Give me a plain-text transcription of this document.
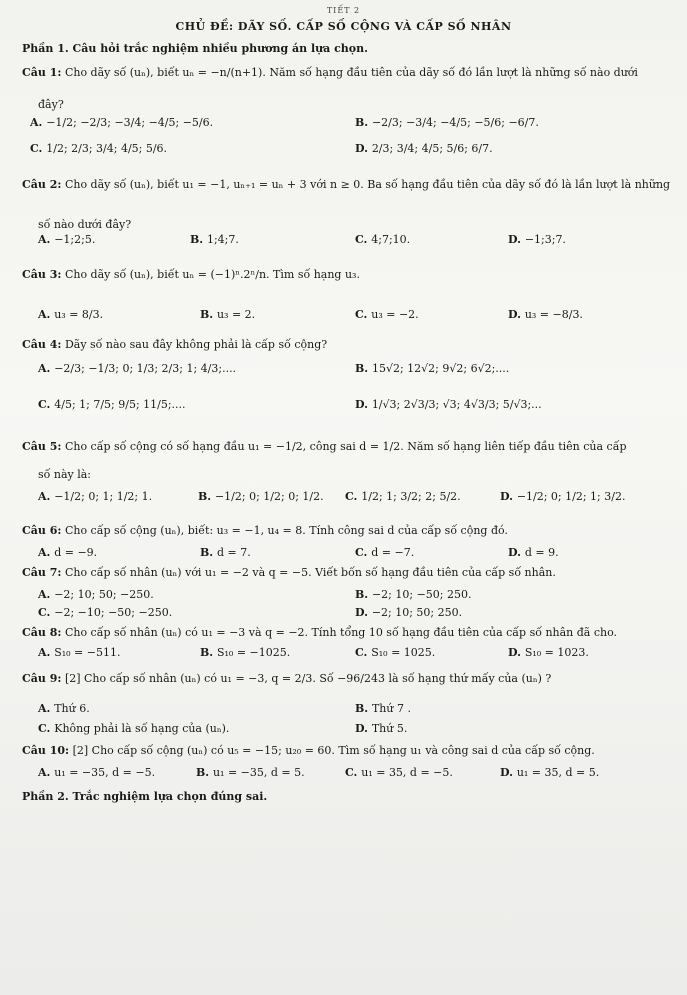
TIẾT 2
CHỦ ĐỀ: DÃY SỐ. CẤP SỐ CỘNG VÀ CẤP SỐ NHÂN
Phần 1. Câu hỏi trắc nghiệm nhiều phương án lựa chọn.
Câu 1: Cho dãy số (uₙ), biết uₙ = −n/(n+1). Năm số hạng đầu tiên của dãy số đó lần lượt là những số nào dưới
đây?
A. −1/2; −2/3; −3/4; −4/5; −5/6.	B. −2/3; −3/4; −4/5; −5/6; −6/7.
C. 1/2; 2/3; 3/4; 4/5; 5/6.	D. 2/3; 3/4; 4/5; 5/6; 6/7.
Câu 2: Cho dãy số (uₙ), biết u₁ = −1, uₙ₊₁ = uₙ + 3 với n ≥ 0. Ba số hạng đầu tiên của dãy số đó là lần lượt là những
số nào dưới đây?
A. −1;2;5.	B. 1;4;7.	C. 4;7;10.	D. −1;3;7.
Câu 3: Cho dãy số (uₙ), biết uₙ = (−1)ⁿ.2ⁿ/n. Tìm số hạng u₃.
A. u₃ = 8/3.	B. u₃ = 2.	C. u₃ = −2.	D. u₃ = −8/3.
Câu 4: Dãy số nào sau đây không phải là cấp số cộng?
A. −2/3; −1/3; 0; 1/3; 2/3; 1; 4/3;....	B. 15√2; 12√2; 9√2; 6√2;....
C. 4/5; 1; 7/5; 9/5; 11/5;....	D. 1/√3; 2√3/3; √3; 4√3/3; 5/√3;...
Câu 5: Cho cấp số cộng có số hạng đầu u₁ = −1/2, công sai d = 1/2. Năm số hạng liên tiếp đầu tiên của cấp
số này là:
A. −1/2; 0; 1; 1/2; 1.	B. −1/2; 0; 1/2; 0; 1/2. C. 1/2; 1; 3/2; 2; 5/2.	D. −1/2; 0; 1/2; 1; 3/2.
Câu 6: Cho cấp số cộng (uₙ), biết: u₃ = −1, u₄ = 8. Tính công sai d của cấp số cộng đó.
A. d = −9.	B. d = 7.	C. d = −7.	D. d = 9.
Câu 7: Cho cấp số nhân (uₙ) với u₁ = −2 và q = −5. Viết bốn số hạng đầu tiên của cấp số nhân.
A. −2; 10; 50; −250.	B. −2; 10; −50; 250.
C. −2; −10; −50; −250.	D. −2; 10; 50; 250.
Câu 8: Cho cấp số nhân (uₙ) có u₁ = −3 và q = −2. Tính tổng 10 số hạng đầu tiên của cấp số nhân đã cho.
A. S₁₀ = −511.	B. S₁₀ = −1025.	C. S₁₀ = 1025.	D. S₁₀ = 1023.
Câu 9: [2] Cho cấp số nhân (uₙ) có u₁ = −3, q = 2/3. Số −96/243 là số hạng thứ mấy của (uₙ) ?
A. Thứ 6.	B. Thứ 7 .
C. Không phải là số hạng của (uₙ).	D. Thứ 5.
Câu 10: [2] Cho cấp số cộng (uₙ) có u₅ = −15; u₂₀ = 60. Tìm số hạng u₁ và công sai d của cấp số cộng.
A. u₁ = −35, d = −5.	B. u₁ = −35, d = 5.	C. u₁ = 35, d = −5.	D. u₁ = 35, d = 5.
Phần 2. Trắc nghiệm lựa chọn đúng sai.
